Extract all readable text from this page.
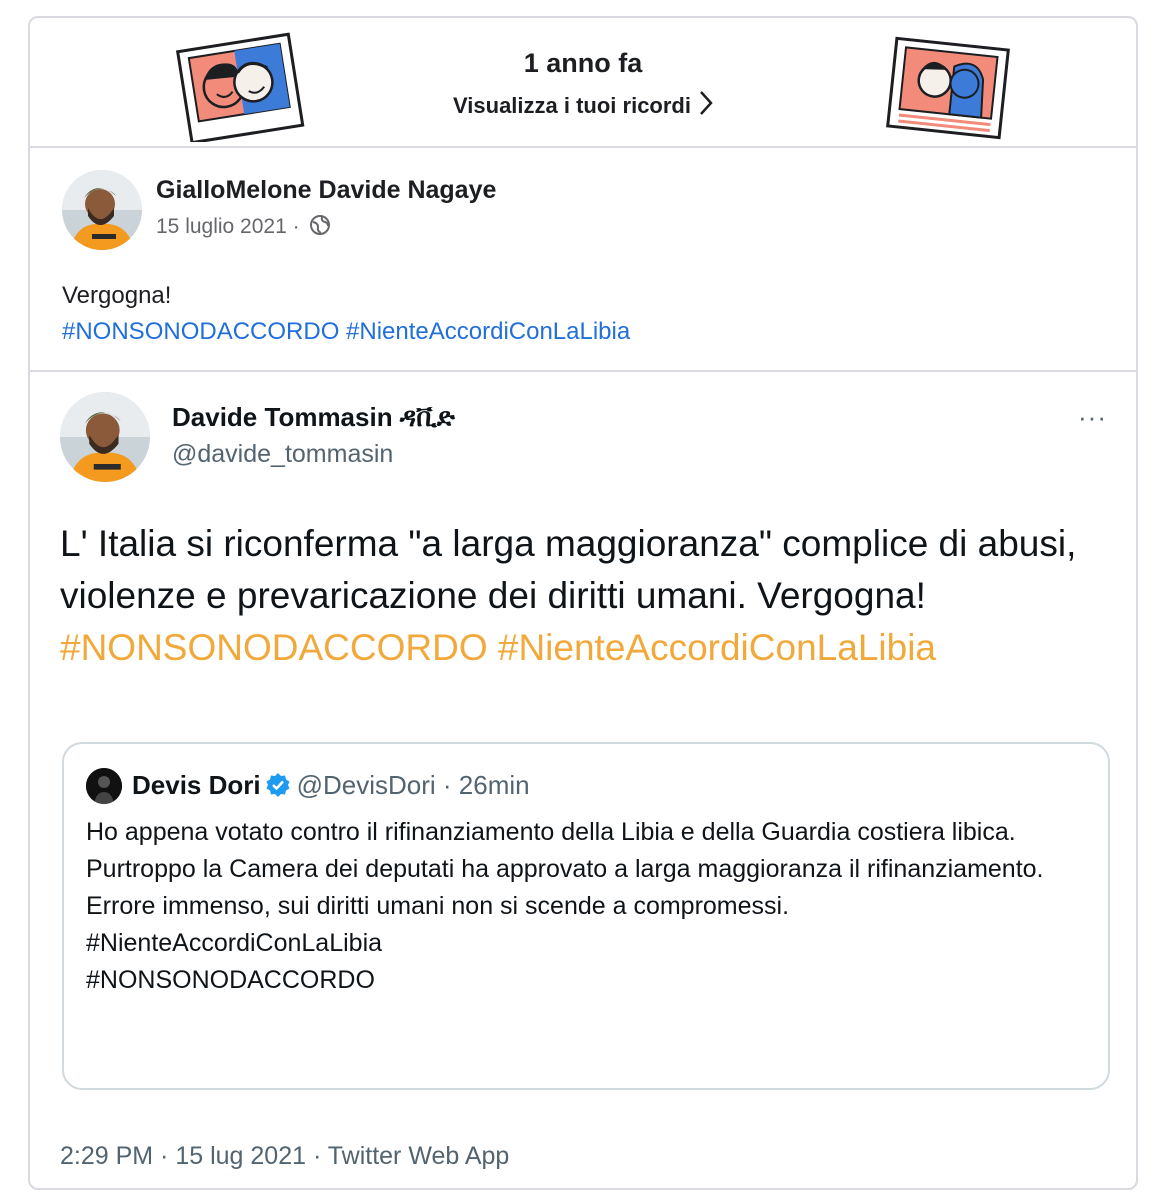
1 anno fa
Visualizza i tuoi ricordi
GialloMelone Davide Nagaye
15 luglio 2021 ·
Vergogna!
#NONSONODACCORDO #NienteAccordiConLaLibia
Davide Tommasin ዳቪድ
@davide_tommasin
···
L' Italia si riconferma "a larga maggioranza" complice di abusi, violenze e prevaricazione dei diritti umani. Vergogna!
#NONSONODACCORDO #NienteAccordiConLaLibia
Devis Dori @DevisDori · 26min
Ho appena votato contro il rifinanziamento della Libia e della Guardia costiera libica.
Purtroppo la Camera dei deputati ha approvato a larga maggioranza il rifinanziamento. Errore immenso, sui diritti umani non si scende a compromessi.
#NienteAccordiConLaLibia
#NONSONODACCORDO
2:29 PM · 15 lug 2021 · Twitter Web App
